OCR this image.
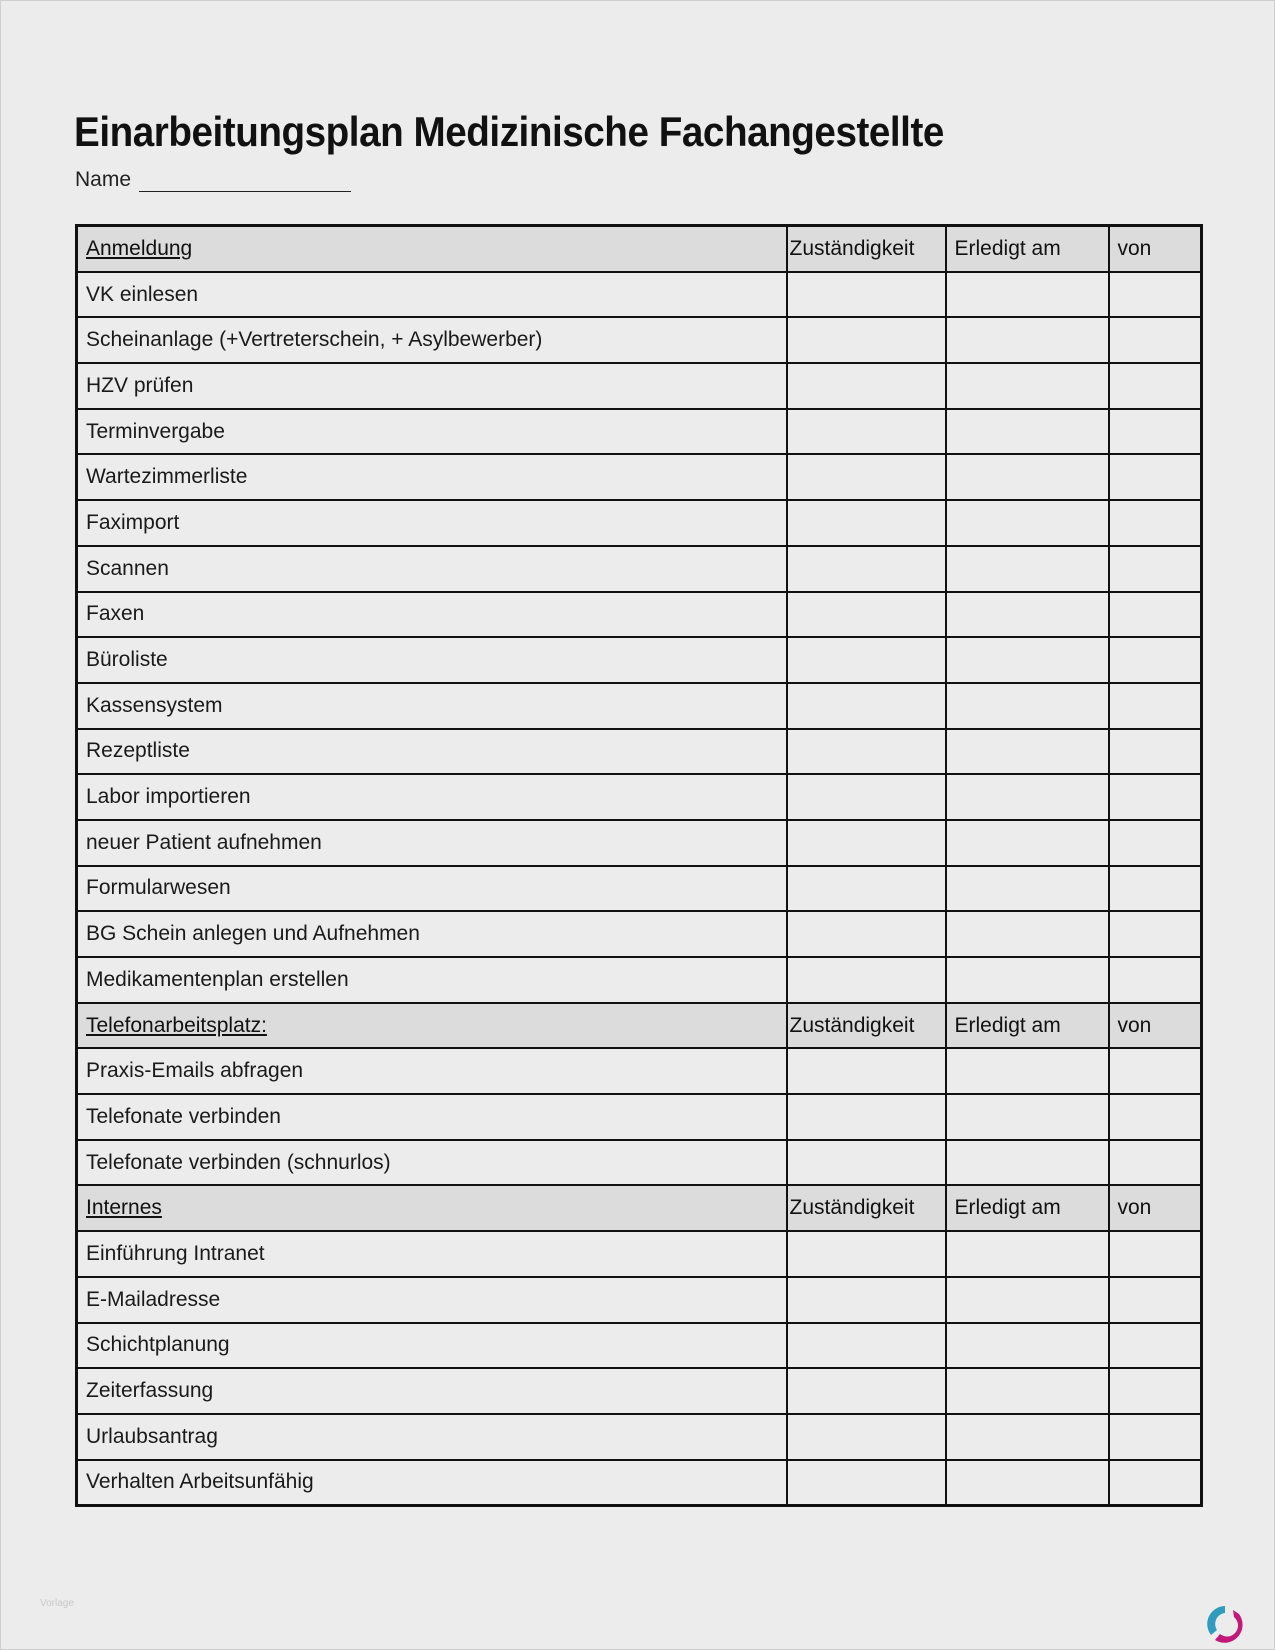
Einarbeitungsplan Medizinische Fachangestellte
Name
Anmeldung	Zuständigkeit	Erledigt am	von
VK einlesen			
Scheinanlage (+Vertreterschein, + Asylbewerber)			
HZV prüfen			
Terminvergabe			
Wartezimmerliste			
Faximport			
Scannen			
Faxen			
Büroliste			
Kassensystem			
Rezeptliste			
Labor importieren			
neuer Patient aufnehmen			
Formularwesen			
BG Schein anlegen und Aufnehmen			
Medikamentenplan erstellen			
Telefonarbeitsplatz:	Zuständigkeit	Erledigt am	von
Praxis-Emails abfragen			
Telefonate verbinden			
Telefonate verbinden (schnurlos)			
Internes	Zuständigkeit	Erledigt am	von
Einführung Intranet			
E-Mailadresse			
Schichtplanung			
Zeiterfassung			
Urlaubsantrag			
Verhalten Arbeitsunfähig			
Vorlage
